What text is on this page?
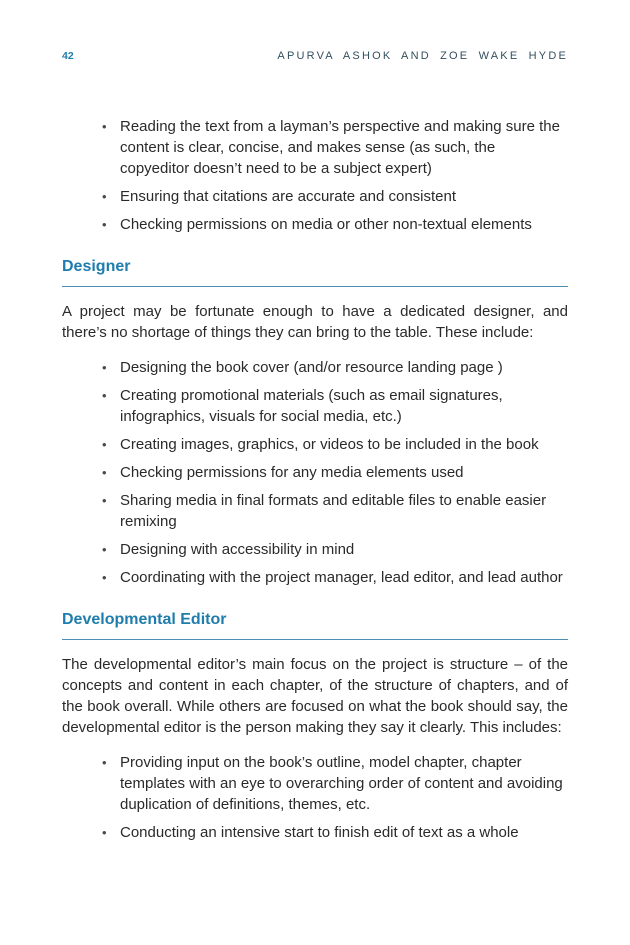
42	APURVA ASHOK AND ZOE WAKE HYDE
• Reading the text from a layman’s perspective and making sure the content is clear, concise, and makes sense (as such, the copyeditor doesn’t need to be a subject expert)
• Ensuring that citations are accurate and consistent
• Checking permissions on media or other non-textual elements
Designer

A project may be fortunate enough to have a dedicated designer, and there’s no shortage of things they can bring to the table. These include:

• Designing the book cover (and/or resource landing page )
• Creating promotional materials (such as email signatures, infographics, visuals for social media, etc.)
• Creating images, graphics, or videos to be included in the book
• Checking permissions for any media elements used
• Sharing media in final formats and editable files to enable easier remixing
• Designing with accessibility in mind
• Coordinating with the project manager, lead editor, and lead author
Developmental Editor

The developmental editor’s main focus on the project is structure – of the concepts and content in each chapter, of the structure of chapters, and of the book overall. While others are focused on what the book should say, the developmental editor is the person making they say it clearly. This includes:

• Providing input on the book’s outline, model chapter, chapter templates with an eye to overarching order of content and avoiding duplication of definitions, themes, etc.
• Conducting an intensive start to finish edit of text as a whole
